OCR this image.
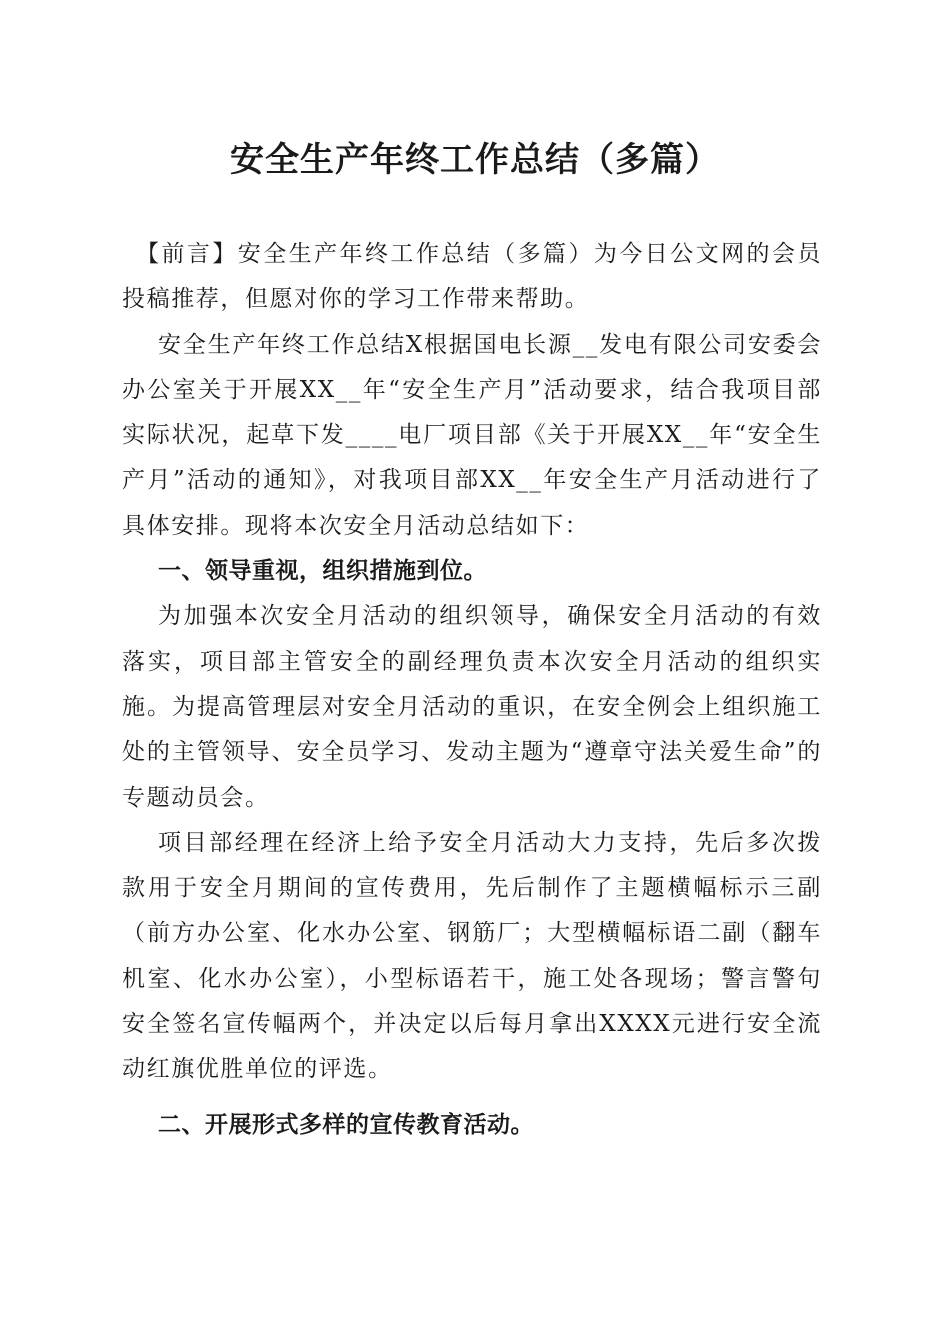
安全生产年终工作总结（多篇）

【前言】安全生产年终工作总结（多篇）为今日公文网的会员投稿推荐，但愿对你的学习工作带来帮助。

安全生产年终工作总结X根据国电长源__发电有限公司安委会办公室关于开展XX__年“安全生产月”活动要求，结合我项目部实际状况，起草下发____电厂项目部《关于开展XX__年“安全生产月”活动的通知》，对我项目部XX__年安全生产月活动进行了具体安排。现将本次安全月活动总结如下：

一、领导重视，组织措施到位。

为加强本次安全月活动的组织领导，确保安全月活动的有效落实，项目部主管安全的副经理负责本次安全月活动的组织实施。为提高管理层对安全月活动的重识，在安全例会上组织施工处的主管领导、安全员学习、发动主题为“遵章守法关爱生命”的专题动员会。

项目部经理在经济上给予安全月活动大力支持，先后多次拨款用于安全月期间的宣传费用，先后制作了主题横幅标示三副（前方办公室、化水办公室、钢筋厂；大型横幅标语二副（翻车机室、化水办公室），小型标语若干，施工处各现场；警言警句安全签名宣传幅两个，并决定以后每月拿出XXXX元进行安全流动红旗优胜单位的评选。

二、开展形式多样的宣传教育活动。
